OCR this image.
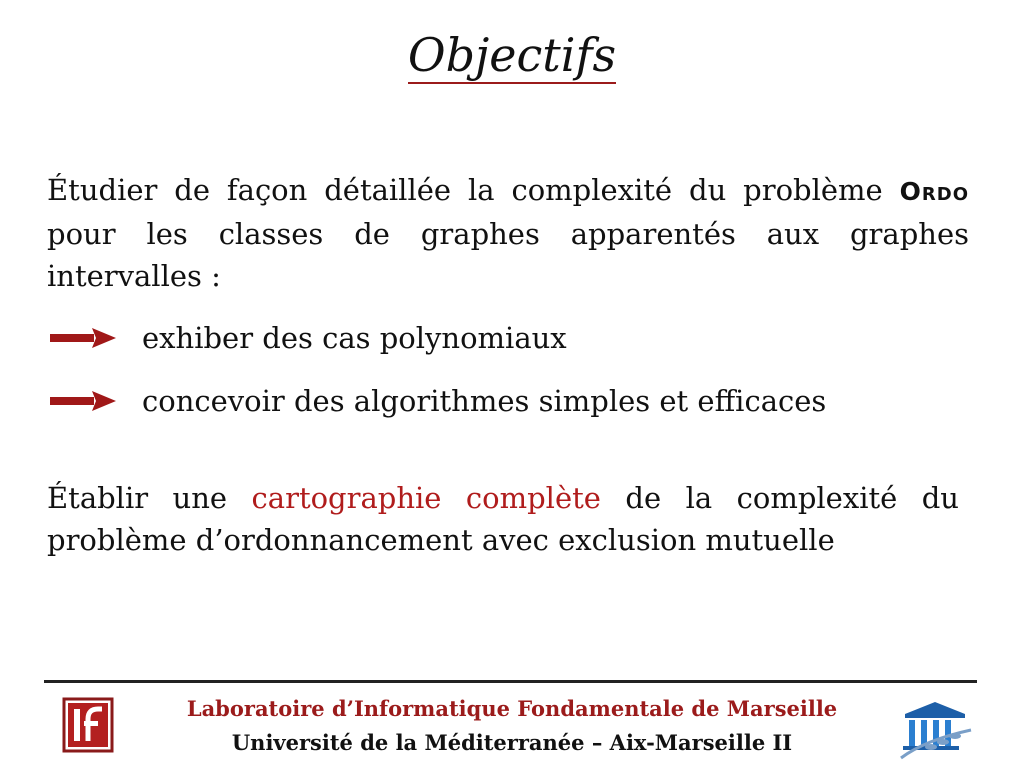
Objectifs
Étudier de façon détaillée la complexité du problème Ordo pour les classes de graphes apparentés aux graphes intervalles :
exhiber des cas polynomiaux
concevoir des algorithmes simples et efficaces
Établir une cartographie complète de la complexité du problème d’ordonnancement avec exclusion mutuelle
Laboratoire d’Informatique Fondamentale de Marseille
Université de la Méditerranée – Aix-Marseille II
